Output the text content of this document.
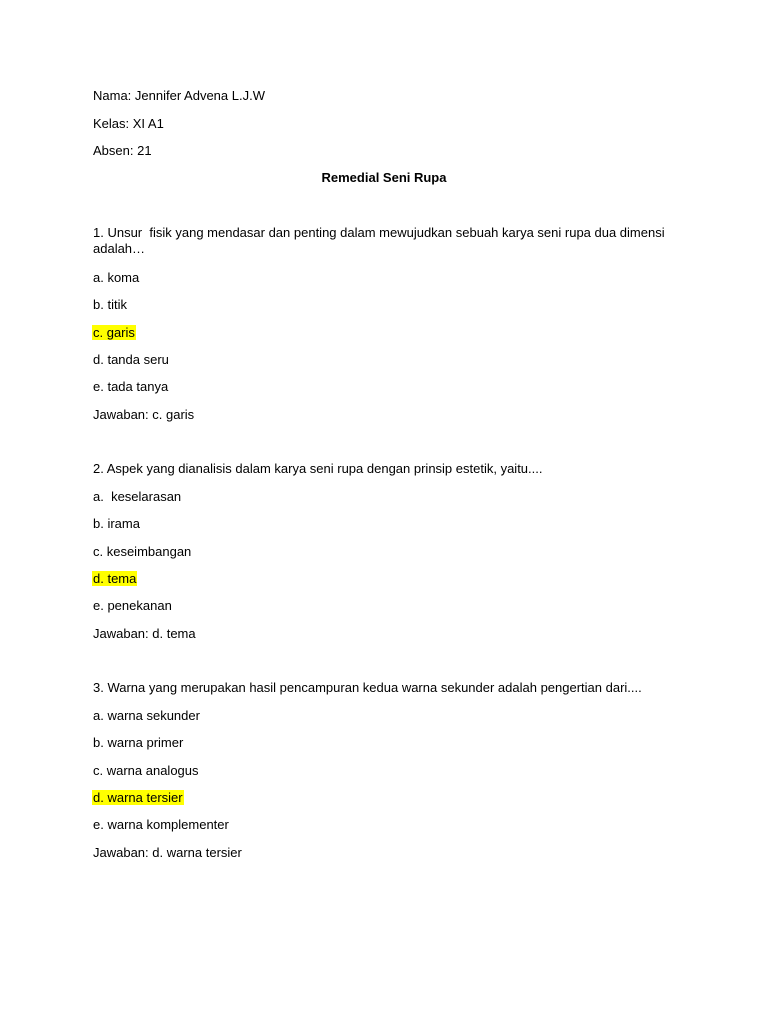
Nama: Jennifer Advena L.J.W
Kelas: XI A1
Absen: 21
Remedial Seni Rupa
1. Unsur  fisik yang mendasar dan penting dalam mewujudkan sebuah karya seni rupa dua dimensi adalah…
a. koma
b. titik
c. garis
d. tanda seru
e. tada tanya
Jawaban: c. garis
2. Aspek yang dianalisis dalam karya seni rupa dengan prinsip estetik, yaitu....
a.  keselarasan
b. irama
c. keseimbangan
d. tema
e. penekanan
Jawaban: d. tema
3. Warna yang merupakan hasil pencampuran kedua warna sekunder adalah pengertian dari....
a. warna sekunder
b. warna primer
c. warna analogus
d. warna tersier
e. warna komplementer
Jawaban: d. warna tersier
